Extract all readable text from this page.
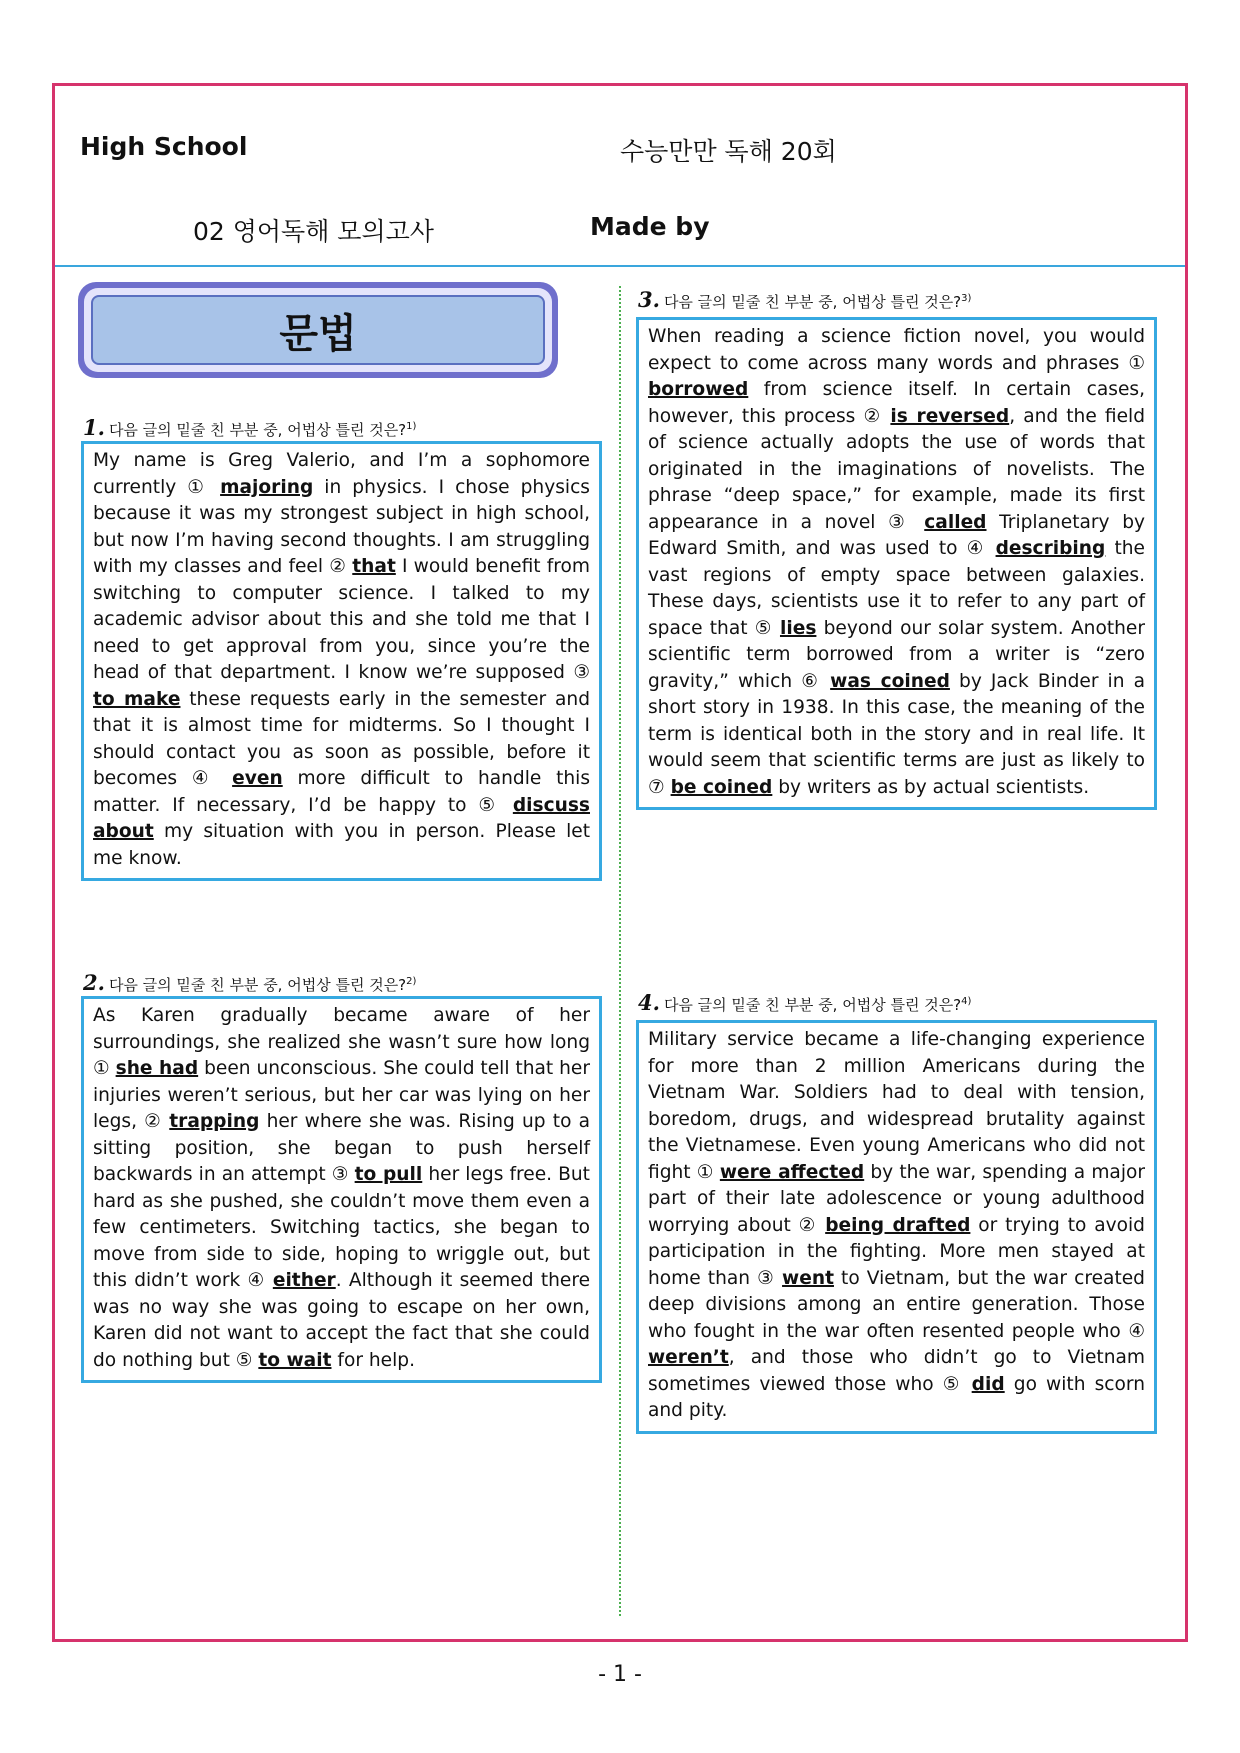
High School	수능만만 독해 20회
02 영어독해 모의고사	Made by
문법
1. 다음 글의 밑줄 친 부분 중, 어법상 틀린 것은?$^{1)}$
My name is Greg Valerio, and I’m a sophomore currently ① majoring in physics. I chose physics because it was my strongest subject in high school, but now I’m having second thoughts. I am struggling with my classes and feel ② that I would benefit from switching to computer science. I talked to my academic advisor about this and she told me that I need to get approval from you, since you’re the head of that department. I know we’re supposed ③ to make these requests early in the semester and that it is almost time for midterms. So I thought I should contact you as soon as possible, before it becomes ④ even more difficult to handle this matter. If necessary, I’d be happy to ⑤ discuss about my situation with you in person. Please let me know.
2. 다음 글의 밑줄 친 부분 중, 어법상 틀린 것은?$^{2)}$
As Karen gradually became aware of her surroundings, she realized she wasn’t sure how long ① she had been unconscious. She could tell that her injuries weren’t serious, but her car was lying on her legs, ② trapping her where she was. Rising up to a sitting position, she began to push herself backwards in an attempt ③ to pull her legs free. But hard as she pushed, she couldn’t move them even a few centimeters. Switching tactics, she began to move from side to side, hoping to wriggle out, but this didn’t work ④ either. Although it seemed there was no way she was going to escape on her own, Karen did not want to accept the fact that she could do nothing but ⑤ to wait for help.
3. 다음 글의 밑줄 친 부분 중, 어법상 틀린 것은?$^{3)}$
When reading a science fiction novel, you would expect to come across many words and phrases ① borrowed from science itself. In certain cases, however, this process ② is reversed, and the field of science actually adopts the use of words that originated in the imaginations of novelists. The phrase “deep space,” for example, made its first appearance in a novel ③ called Triplanetary by Edward Smith, and was used to ④ describing the vast regions of empty space between galaxies. These days, scientists use it to refer to any part of space that ⑤ lies beyond our solar system. Another scientific term borrowed from a writer is “zero gravity,” which ⑥ was coined by Jack Binder in a short story in 1938. In this case, the meaning of the term is identical both in the story and in real life. It would seem that scientific terms are just as likely to ⑦ be coined by writers as by actual scientists.
4. 다음 글의 밑줄 친 부분 중, 어법상 틀린 것은?$^{4)}$
Military service became a life-changing experience for more than 2 million Americans during the Vietnam War. Soldiers had to deal with tension, boredom, drugs, and widespread brutality against the Vietnamese. Even young Americans who did not fight ① were affected by the war, spending a major part of their late adolescence or young adulthood worrying about ② being drafted or trying to avoid participation in the fighting. More men stayed at home than ③ went to Vietnam, but the war created deep divisions among an entire generation. Those who fought in the war often resented people who ④ weren’t, and those who didn’t go to Vietnam sometimes viewed those who ⑤ did go with scorn and pity.
- 1 -
